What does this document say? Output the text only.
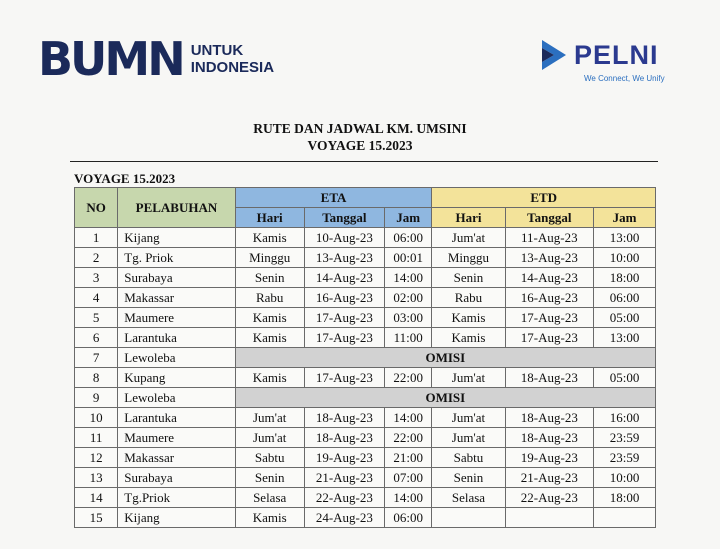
BUMN UNTUK
INDONESIA	PELNI
We Connect, We Unify
RUTE DAN JADWAL KM. UMSINI
VOYAGE 15.2023
VOYAGE 15.2023
NO	PELABUHAN	ETA			ETD		
		Hari	Tanggal	Jam	Hari	Tanggal	Jam
1	Kijang	Kamis	10-Aug-23	06:00	Jum'at	11-Aug-23	13:00
2	Tg. Priok	Minggu	13-Aug-23	00:01	Minggu	13-Aug-23	10:00
3	Surabaya	Senin	14-Aug-23	14:00	Senin	14-Aug-23	18:00
4	Makassar	Rabu	16-Aug-23	02:00	Rabu	16-Aug-23	06:00
5	Maumere	Kamis	17-Aug-23	03:00	Kamis	17-Aug-23	05:00
6	Larantuka	Kamis	17-Aug-23	11:00	Kamis	17-Aug-23	13:00
7	Lewoleba	OMISI					
8	Kupang	Kamis	17-Aug-23	22:00	Jum'at	18-Aug-23	05:00
9	Lewoleba	OMISI					
10	Larantuka	Jum'at	18-Aug-23	14:00	Jum'at	18-Aug-23	16:00
11	Maumere	Jum'at	18-Aug-23	22:00	Jum'at	18-Aug-23	23:59
12	Makassar	Sabtu	19-Aug-23	21:00	Sabtu	19-Aug-23	23:59
13	Surabaya	Senin	21-Aug-23	07:00	Senin	21-Aug-23	10:00
14	Tg.Priok	Selasa	22-Aug-23	14:00	Selasa	22-Aug-23	18:00
15	Kijang	Kamis	24-Aug-23	06:00			
